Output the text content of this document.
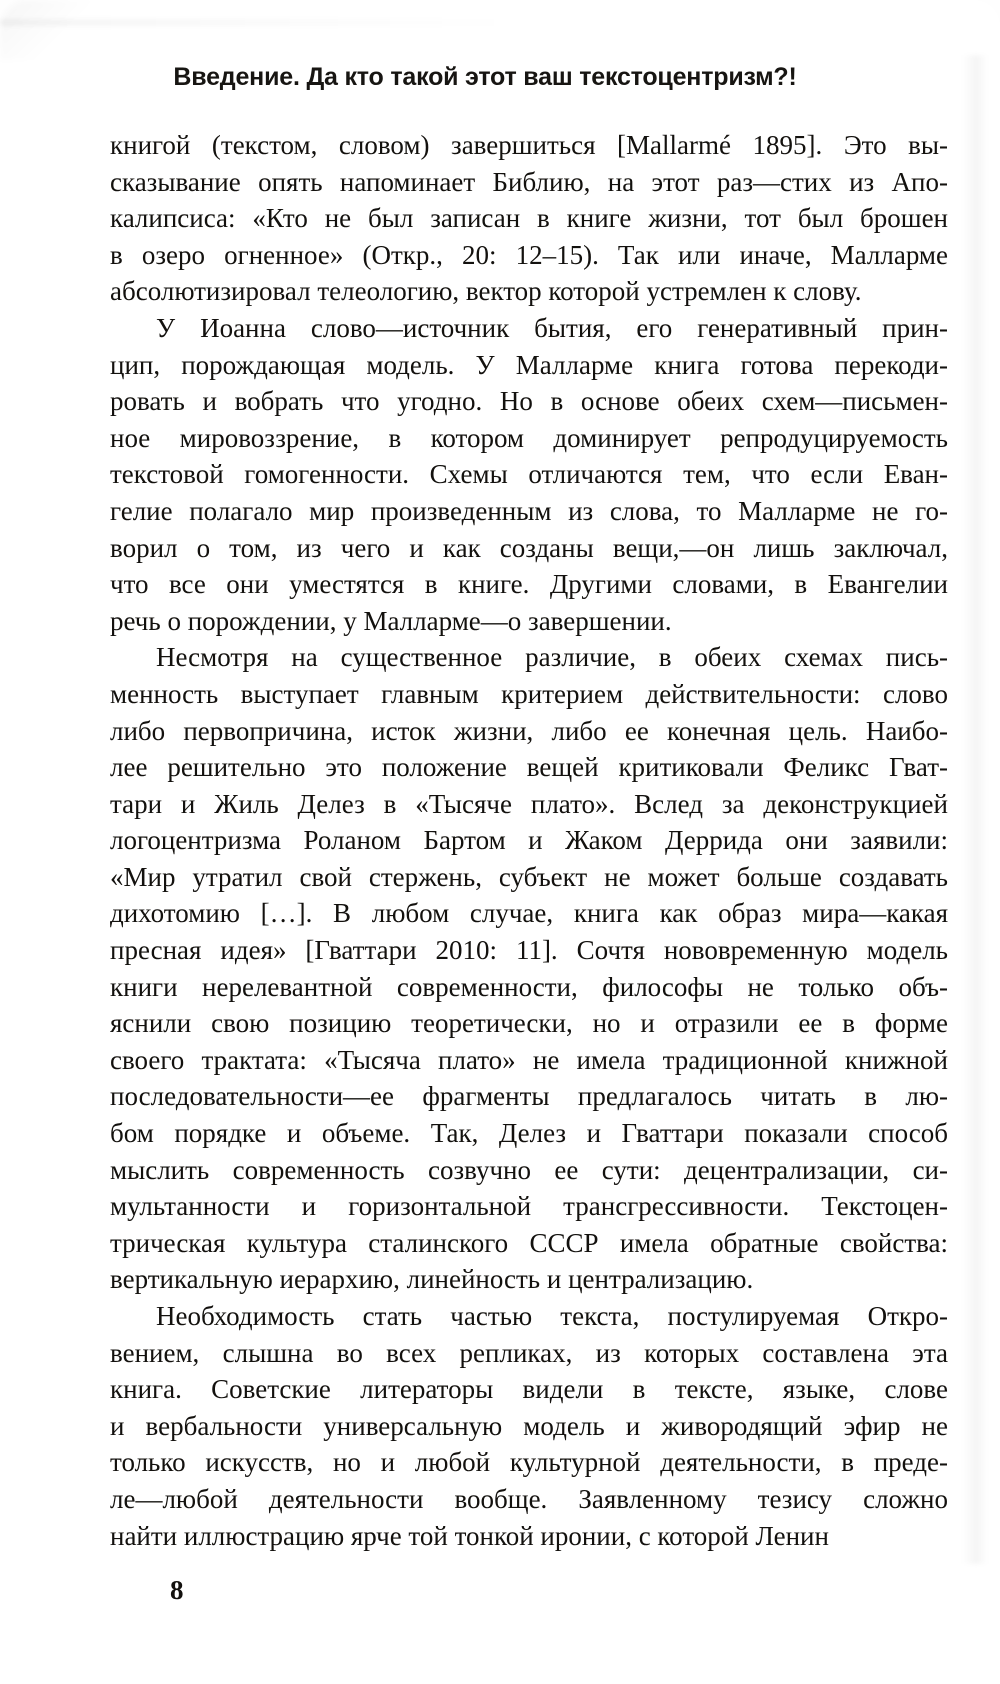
Введение. Да кто такой этот ваш текстоцентризм?!
книгой (текстом, словом) завершиться [Mallarmé 1895]. Это вы-
сказывание опять напоминает Библию, на этот раз—стих из Апо-
калипсиса: «Кто не был записан в книге жизни, тот был брошен
в озеро огненное» (Откр., 20: 12–15). Так или иначе, Малларме
абсолютизировал телеологию, вектор которой устремлен к слову.
У Иоанна слово—источник бытия, его генеративный прин-
цип, порождающая модель. У Малларме книга готова перекоди-
ровать и вобрать что угодно. Но в основе обеих схем—письмен-
ное мировоззрение, в котором доминирует репродуцируемость
текстовой гомогенности. Схемы отличаются тем, что если Еван-
гелие полагало мир произведенным из слова, то Малларме не го-
ворил о том, из чего и как созданы вещи,—он лишь заключал,
что все они уместятся в книге. Другими словами, в Евангелии
речь о порождении, у Малларме—о завершении.
Несмотря на существенное различие, в обеих схемах пись-
менность выступает главным критерием действительности: слово
либо первопричина, исток жизни, либо ее конечная цель. Наибо-
лее решительно это положение вещей критиковали Феликс Гват-
тари и Жиль Делез в «Тысяче плато». Вслед за деконструкцией
логоцентризма Роланом Бартом и Жаком Деррида они заявили:
«Мир утратил свой стержень, субъект не может больше создавать
дихотомию […]. В любом случае, книга как образ мира—какая
пресная идея» [Гваттари 2010: 11]. Сочтя нововременную модель
книги нерелевантной современности, философы не только объ-
яснили свою позицию теоретически, но и отразили ее в форме
своего трактата: «Тысяча плато» не имела традиционной книжной
последовательности—ее фрагменты предлагалось читать в лю-
бом порядке и объеме. Так, Делез и Гваттари показали способ
мыслить современность созвучно ее сути: децентрализации, си-
мультанности и горизонтальной трансгрессивности. Текстоцен-
трическая культура сталинского СССР имела обратные свойства:
вертикальную иерархию, линейность и централизацию.
Необходимость стать частью текста, постулируемая Откро-
вением, слышна во всех репликах, из которых составлена эта
книга. Советские литераторы видели в тексте, языке, слове
и вербальности универсальную модель и живородящий эфир не
только искусств, но и любой культурной деятельности, в преде-
ле—любой деятельности вообще. Заявленному тезису сложно
найти иллюстрацию ярче той тонкой иронии, с которой Ленин
8
